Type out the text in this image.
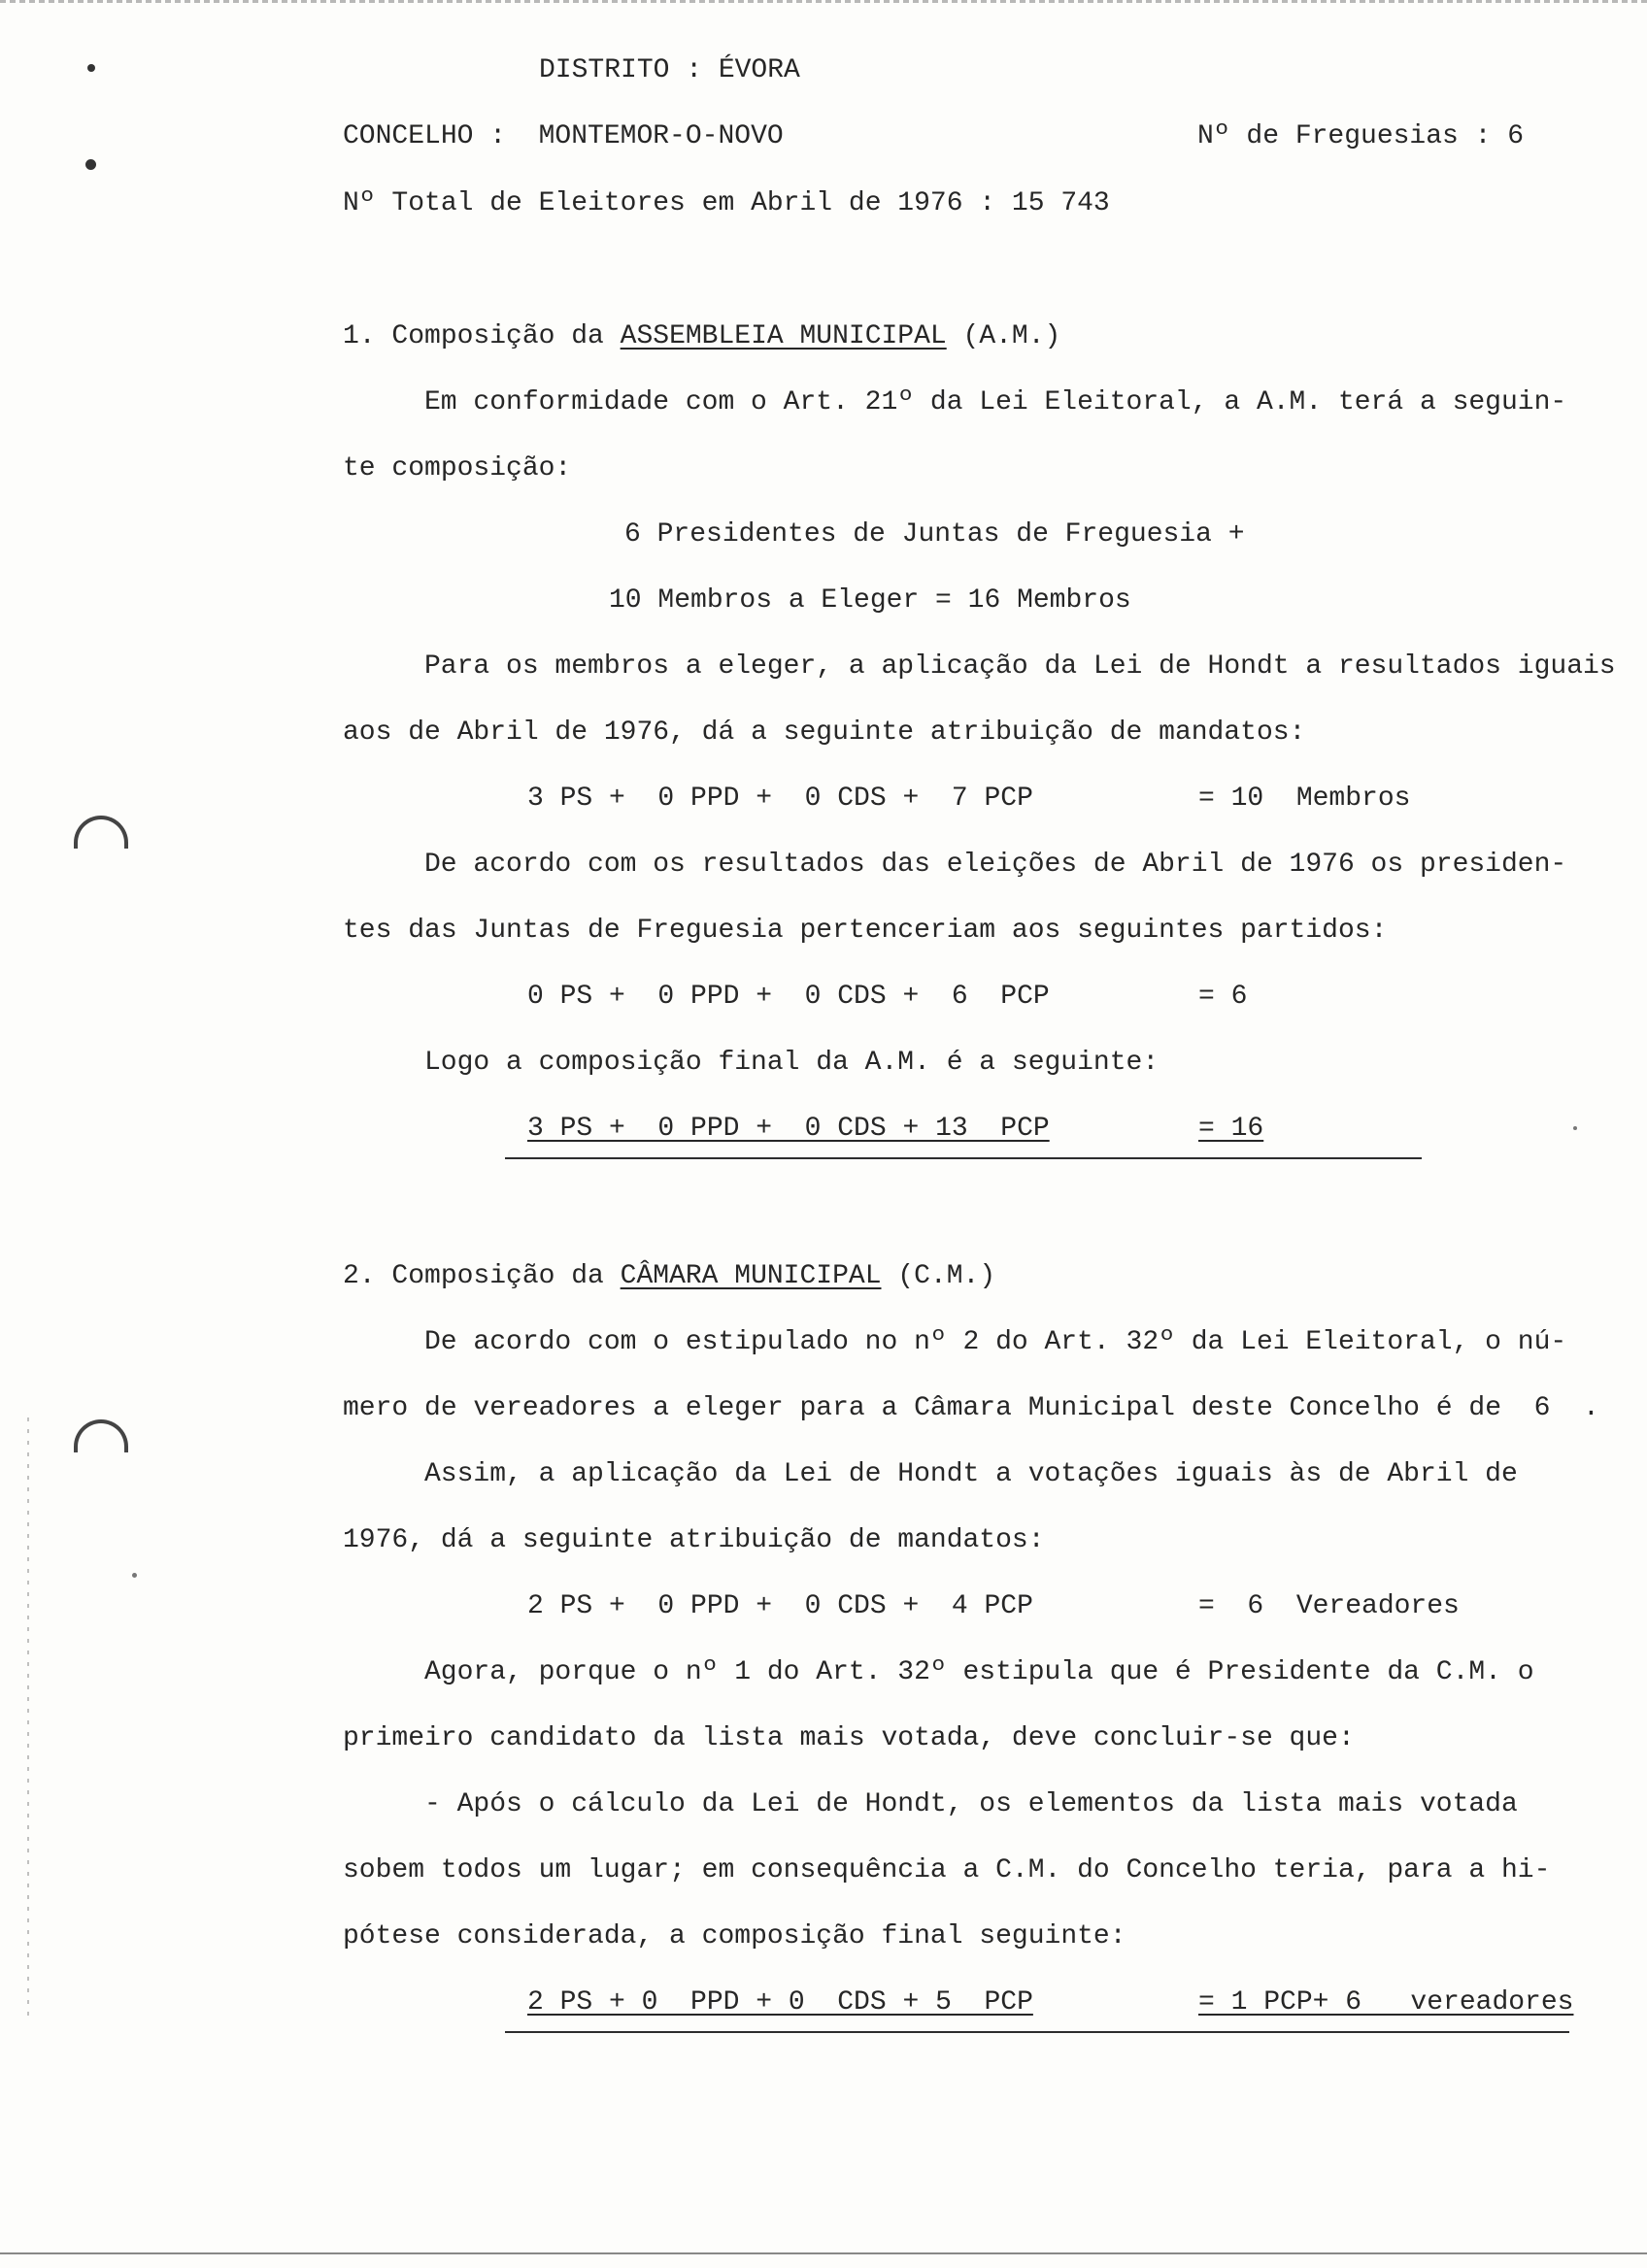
DISTRITO : ÉVORA
CONCELHO :  MONTEMOR-O-NOVO	Nº de Freguesias : 6
Nº Total de Eleitores em Abril de 1976 : 15 743
1. Composição da ASSEMBLEIA MUNICIPAL (A.M.)
Em conformidade com o Art. 21º da Lei Eleitoral, a A.M. terá a seguin-
te composição:
6 Presidentes de Juntas de Freguesia +
10 Membros a Eleger = 16 Membros
Para os membros a eleger, a aplicação da Lei de Hondt a resultados iguais
aos de Abril de 1976, dá a seguinte atribuição de mandatos:
3 PS +  0 PPD +  0 CDS +  7 PCP	= 10  Membros
De acordo com os resultados das eleições de Abril de 1976 os presiden-
tes das Juntas de Freguesia pertenceriam aos seguintes partidos:
0 PS +  0 PPD +  0 CDS +  6  PCP	= 6
Logo a composição final da A.M. é a seguinte:
3 PS +  0 PPD +  0 CDS + 13  PCP	= 16
2. Composição da CÂMARA MUNICIPAL (C.M.)
De acordo com o estipulado no nº 2 do Art. 32º da Lei Eleitoral, o nú-
mero de vereadores a eleger para a Câmara Municipal deste Concelho é de  6  .
Assim, a aplicação da Lei de Hondt a votações iguais às de Abril de
1976, dá a seguinte atribuição de mandatos:
2 PS +  0 PPD +  0 CDS +  4 PCP	=  6  Vereadores
Agora, porque o nº 1 do Art. 32º estipula que é Presidente da C.M. o
primeiro candidato da lista mais votada, deve concluir-se que:
- Após o cálculo da Lei de Hondt, os elementos da lista mais votada
sobem todos um lugar; em consequência a C.M. do Concelho teria, para a hi-
pótese considerada, a composição final seguinte:
2 PS + 0  PPD + 0  CDS + 5  PCP	= 1 PCP+ 6   vereadores
